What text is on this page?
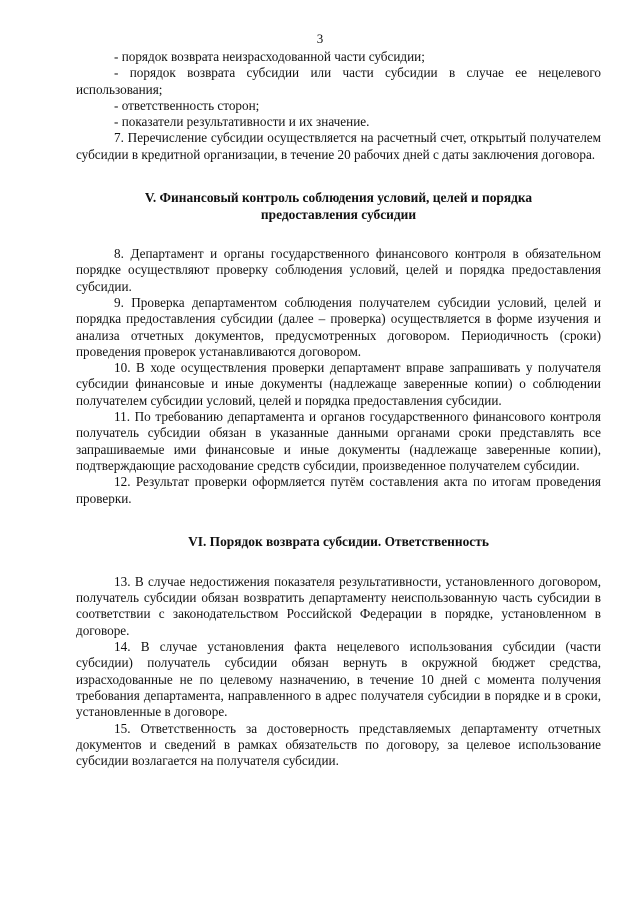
3

- порядок возврата неизрасходованной части субсидии;

- порядок возврата субсидии или части субсидии в случае ее нецелевого использования;

- ответственность сторон;

- показатели результативности и их значение.

7. Перечисление субсидии осуществляется на расчетный счет, открытый получателем субсидии в кредитной организации, в течение 20 рабочих дней с даты заключения договора.

V. Финансовый контроль соблюдения условий, целей и порядка предоставления субсидии

8. Департамент и органы государственного финансового контроля в обязательном порядке осуществляют проверку соблюдения условий, целей и порядка предоставления субсидии.

9. Проверка департаментом соблюдения получателем субсидии условий, целей и порядка предоставления субсидии (далее – проверка) осуществляется в форме изучения и анализа отчетных документов, предусмотренных договором. Периодичность (сроки) проведения проверок устанавливаются договором.

10. В ходе осуществления проверки департамент вправе запрашивать у получателя субсидии финансовые и иные документы (надлежаще заверенные копии) о соблюдении получателем субсидии условий, целей и порядка предоставления субсидии.

11. По требованию департамента и органов государственного финансового контроля получатель субсидии обязан в указанные данными органами сроки представлять все запрашиваемые ими финансовые и иные документы (надлежаще заверенные копии), подтверждающие расходование средств субсидии, произведенное получателем субсидии.

12. Результат проверки оформляется путём составления акта по итогам проведения проверки.

VI. Порядок возврата субсидии. Ответственность

13. В случае недостижения показателя результативности, установленного договором, получатель субсидии обязан возвратить департаменту неиспользованную часть субсидии в соответствии с законодательством Российской Федерации в порядке, установленном в договоре.

14. В случае установления факта нецелевого использования субсидии (части субсидии) получатель субсидии обязан вернуть в окружной бюджет средства, израсходованные не по целевому назначению, в течение 10 дней с момента получения требования департамента, направленного в адрес получателя субсидии в порядке и в сроки, установленные в договоре.

15. Ответственность за достоверность представляемых департаменту отчетных документов и сведений в рамках обязательств по договору, за целевое использование субсидии возлагается на получателя субсидии.
